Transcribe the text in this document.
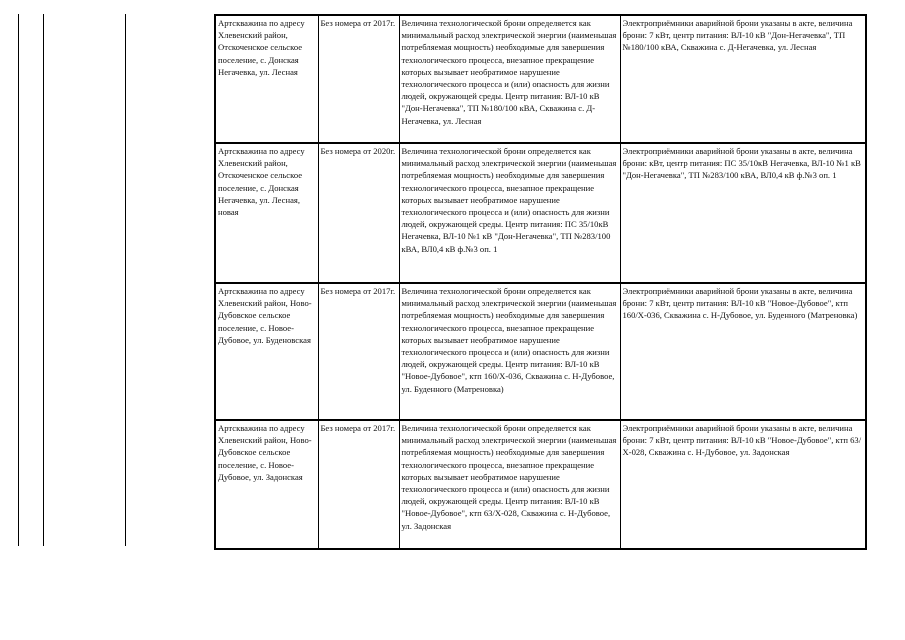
Артскважина по адресу Хлевенский район, Отскоченское сельское поселение, с. Донская Негачевка, ул. Лесная	Без номера от 2017г.	Величина технологической брони определяется как минимальный расход электрической энергии (наименьшая потребляемая мощность) необходимые для завершения технологического процесса, внезапное прекращение которых вызывает необратимое нарушение технологического процесса и (или) опасность для жизни людей, окружающей среды. Центр питания: ВЛ-10 кВ "Дон-Негачевка", ТП №180/100 кВА, Скважина с. Д-Негачевка, ул. Лесная	Электроприёмники аварийной брони указаны в акте, величина брони: 7 кВт, центр питания: ВЛ-10 кВ "Дон-Негачевка", ТП №180/100 кВА, Скважина с. Д-Негачевка, ул. Лесная
Артскважина по адресу Хлевенский район, Отскоченское сельское поселение, с. Донская Негачевка, ул. Лесная, новая	Без номера от 2020г.	Величина технологической брони определяется как минимальный расход электрической энергии (наименьшая потребляемая мощность) необходимые для завершения технологического процесса, внезапное прекращение которых вызывает необратимое нарушение технологического процесса и (или) опасность для жизни людей, окружающей среды. Центр питания: ПС 35/10кВ Негачевка, ВЛ-10 №1 кВ "Дон-Негачевка", ТП №283/100 кВА, ВЛ0,4 кВ ф.№3 оп. 1	Электроприёмники аварийной брони указаны в акте, величина брони: кВт, центр питания: ПС 35/10кВ Негачевка, ВЛ-10 №1 кВ "Дон-Негачевка", ТП №283/100 кВА, ВЛ0,4 кВ ф.№3 оп. 1
Артскважина по адресу Хлевенский район, Ново-Дубовское сельское поселение, с. Новое-Дубовое, ул. Буденовская	Без номера от 2017г.	Величина технологической брони определяется как минимальный расход электрической энергии (наименьшая потребляемая мощность) необходимые для завершения технологического процесса, внезапное прекращение которых вызывает необратимое нарушение технологического процесса и (или) опасность для жизни людей, окружающей среды. Центр питания: ВЛ-10 кВ "Новое-Дубовое", ктп 160/Х-036, Скважина с. Н-Дубовое, ул. Буденного (Матреновка)	Электроприёмники аварийной брони указаны в акте, величина брони: 7 кВт, центр питания: ВЛ-10 кВ "Новое-Дубовое", ктп 160/Х-036, Скважина с. Н-Дубовое, ул. Буденного (Матреновка)
Артскважина по адресу Хлевенский район, Ново-Дубовское сельское поселение, с. Новое-Дубовое, ул. Задонская	Без номера от 2017г.	Величина технологической брони определяется как минимальный расход электрической энергии (наименьшая потребляемая мощность) необходимые для завершения технологического процесса, внезапное прекращение которых вызывает необратимое нарушение технологического процесса и (или) опасность для жизни людей, окружающей среды. Центр питания: ВЛ-10 кВ "Новое-Дубовое", ктп 63/Х-028, Скважина с. Н-Дубовое, ул. Задонская	Электроприёмники аварийной брони указаны в акте, величина брони: 7 кВт, центр питания: ВЛ-10 кВ "Новое-Дубовое", ктп 63/Х-028, Скважина с. Н-Дубовое, ул. Задонская
